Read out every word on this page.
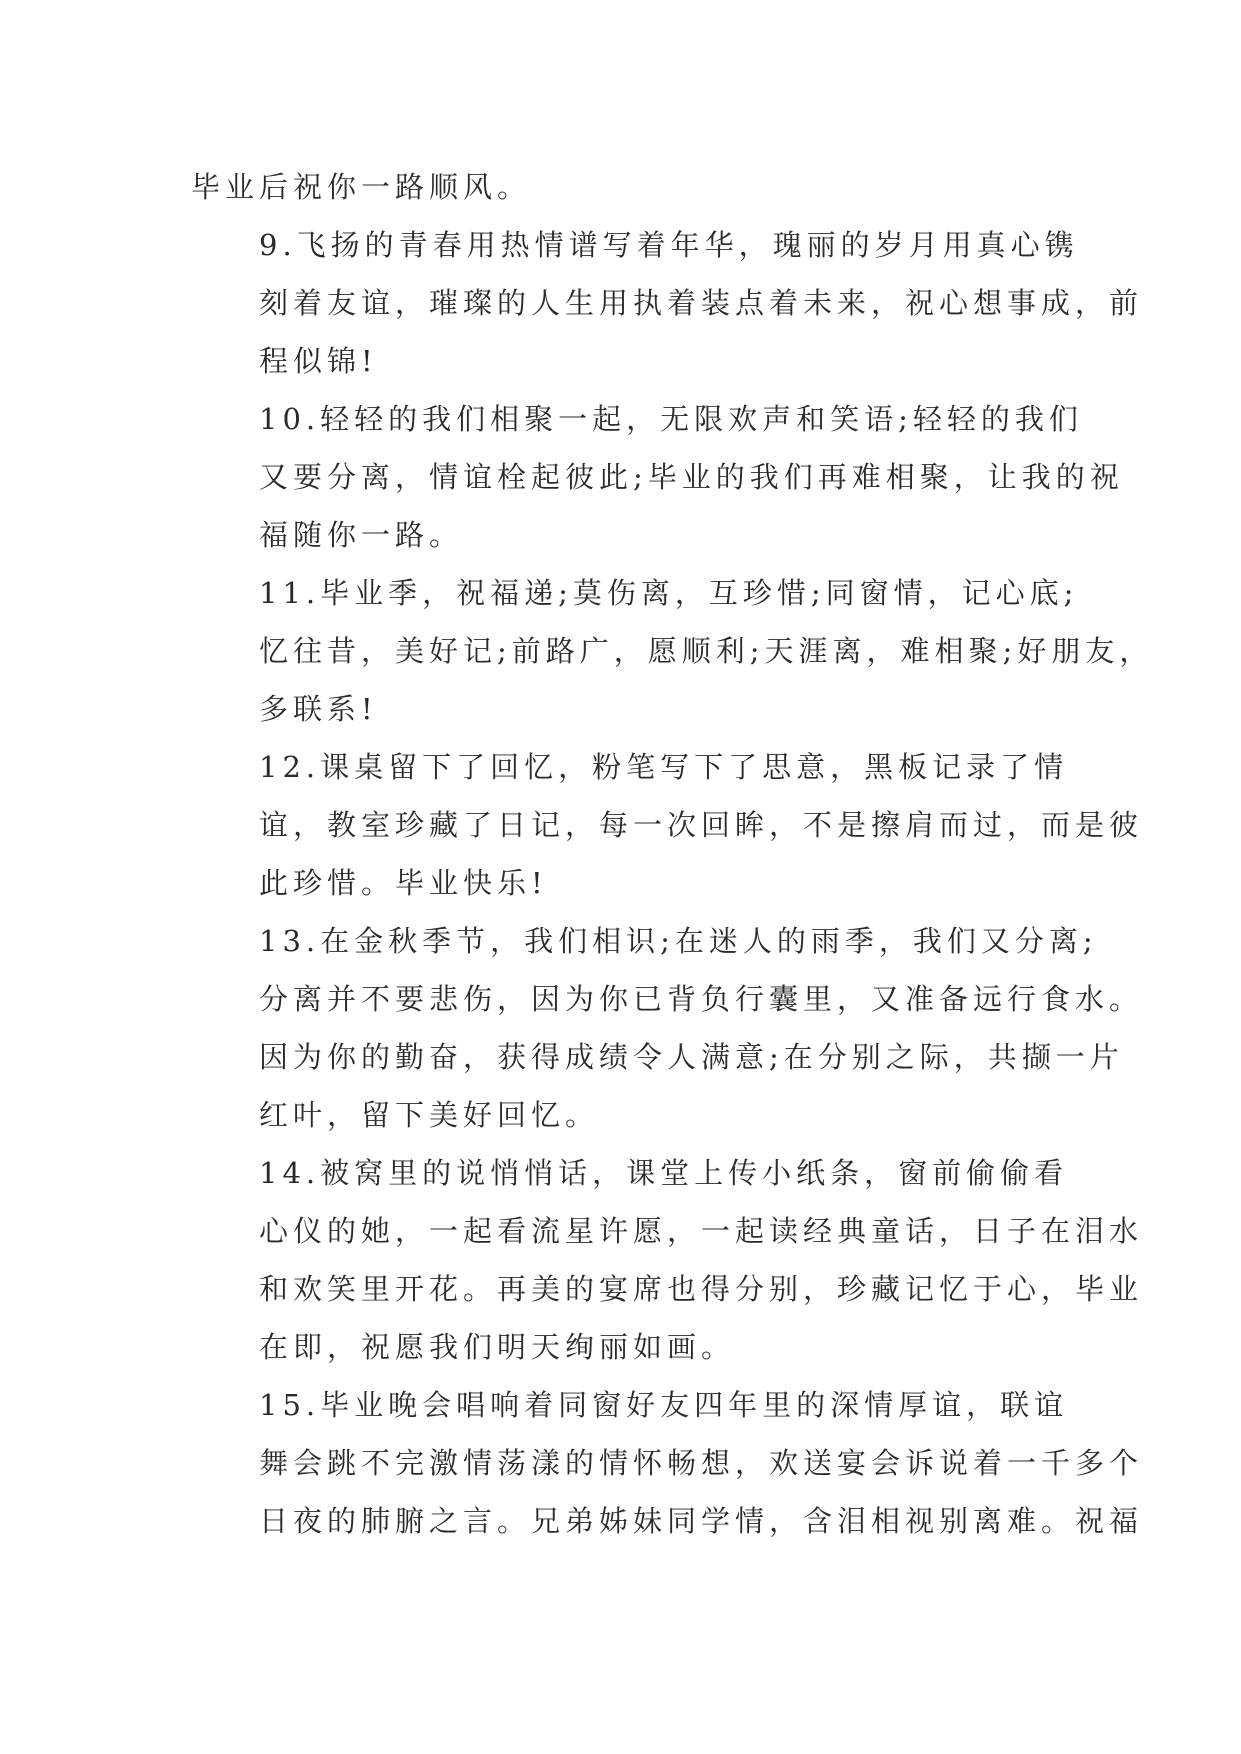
毕业后祝你一路顺风。

9.飞扬的青春用热情谱写着年华，瑰丽的岁月用真心镌
刻着友谊，璀璨的人生用执着装点着未来，祝心想事成，前
程似锦!

10.轻轻的我们相聚一起，无限欢声和笑语;轻轻的我们
又要分离，情谊栓起彼此;毕业的我们再难相聚，让我的祝
福随你一路。

11.毕业季，祝福递;莫伤离，互珍惜;同窗情，记心底;
忆往昔，美好记;前路广，愿顺利;天涯离，难相聚;好朋友，
多联系!

12.课桌留下了回忆，粉笔写下了思意，黑板记录了情
谊，教室珍藏了日记，每一次回眸，不是擦肩而过，而是彼
此珍惜。毕业快乐!

13.在金秋季节，我们相识;在迷人的雨季，我们又分离;
分离并不要悲伤，因为你已背负行囊里，又准备远行食水。
因为你的勤奋，获得成绩令人满意;在分别之际，共撷一片
红叶，留下美好回忆。

14.被窝里的说悄悄话，课堂上传小纸条，窗前偷偷看
心仪的她，一起看流星许愿，一起读经典童话，日子在泪水
和欢笑里开花。再美的宴席也得分别，珍藏记忆于心，毕业
在即，祝愿我们明天绚丽如画。

15.毕业晚会唱响着同窗好友四年里的深情厚谊，联谊
舞会跳不完激情荡漾的情怀畅想，欢送宴会诉说着一千多个
日夜的肺腑之言。兄弟姊妹同学情，含泪相视别离难。祝福
